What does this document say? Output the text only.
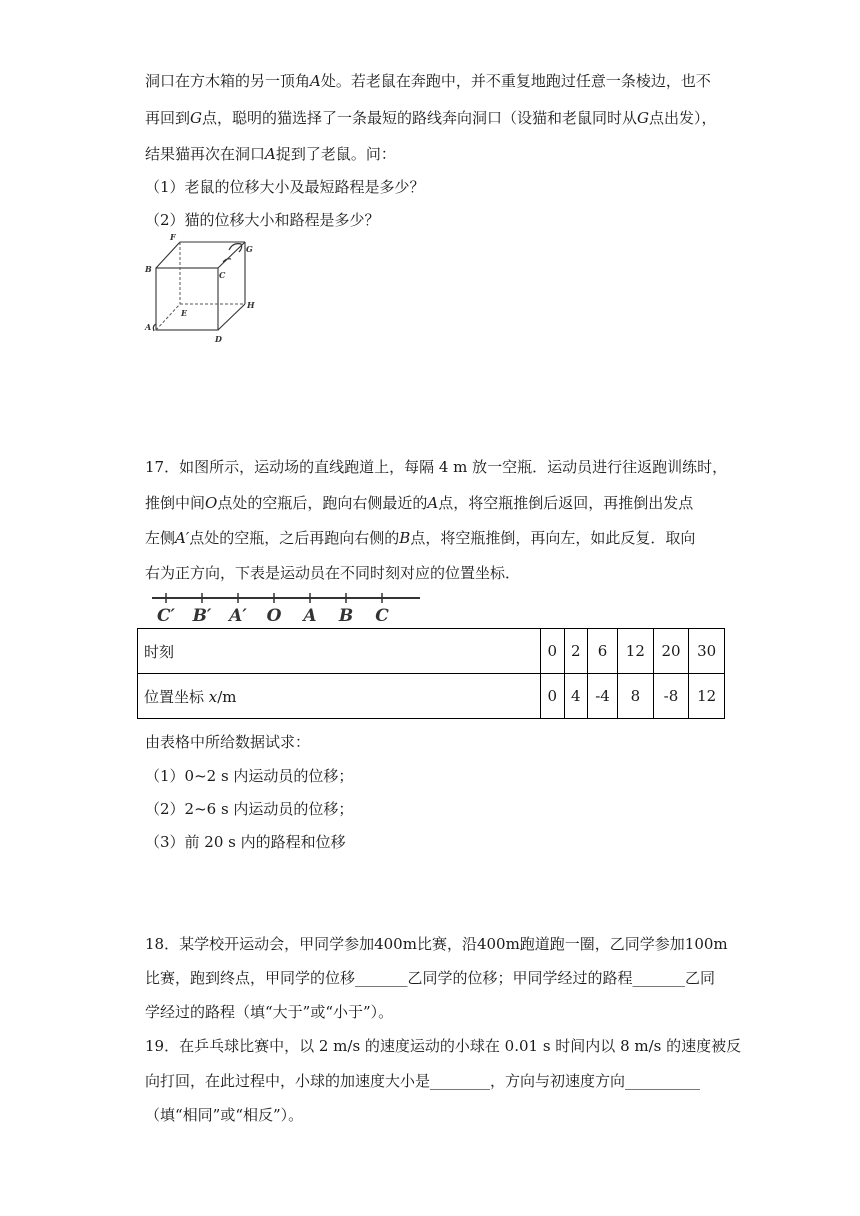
洞口在方木箱的另一顶角A处。若老鼠在奔跑中，并不重复地跑过任意一条棱边，也不
再回到G点，聪明的猫选择了一条最短的路线奔向洞口（设猫和老鼠同时从G点出发），
结果猫再次在洞口A捉到了老鼠。问：
（1）老鼠的位移大小及最短路程是多少？
（2）猫的位移大小和路程是多少？
F
B
G
C
E
H
A
D
17．如图所示，运动场的直线跑道上，每隔 4 m 放一空瓶．运动员进行往返跑训练时，
推倒中间O点处的空瓶后，跑向右侧最近的A点，将空瓶推倒后返回，再推倒出发点
左侧A′点处的空瓶，之后再跑向右侧的B点，将空瓶推倒，再向左，如此反复．取向
右为正方向，下表是运动员在不同时刻对应的位置坐标．
C′ B′ A′ O A B C
时刻	0	2	6	12	20	30
位置坐标 x/m	0	4	-4	8	-8	12
由表格中所给数据试求：
（1）0~2 s 内运动员的位移；
（2）2~6 s 内运动员的位移；
（3）前 20 s 内的路程和位移
18．某学校开运动会，甲同学参加400m比赛，沿400m跑道跑一圈，乙同学参加100m
比赛，跑到终点，甲同学的位移_______乙同学的位移；甲同学经过的路程_______乙同
学经过的路程（填“大于”或“小于”）。
19．在乒乓球比赛中，以 2 m/s 的速度运动的小球在 0.01 s 时间内以 8 m/s 的速度被反
向打回，在此过程中，小球的加速度大小是________，方向与初速度方向__________
（填“相同”或“相反”）。
